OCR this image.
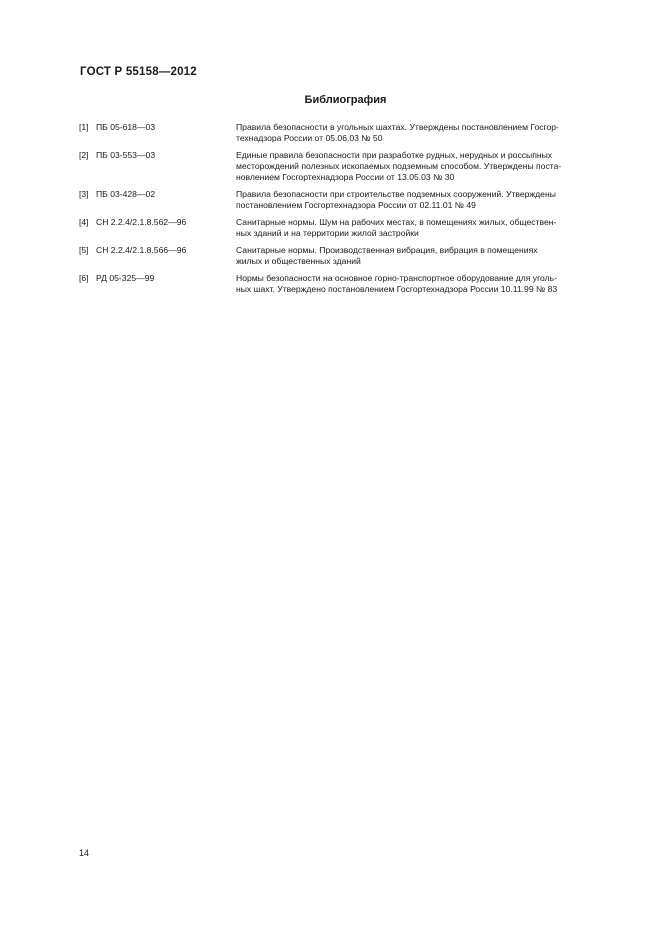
ГОСТ Р 55158—2012
Библиография
[1] ПБ 05-618—03	Правила безопасности в угольных шахтах. Утверждены постановлением Госгор-
технадзора России от 05.06.03 № 50
[2] ПБ 03-553—03	Единые правила безопасности при разработке рудных, нерудных и россыпных
месторождений полезных ископаемых подземным способом. Утверждены поста-
новлением Госгортехнадзора России от 13.05.03 № 30
[3] ПБ 03-428—02	Правила безопасности при строительстве подземных сооружений. Утверждены
постановлением Госгортехнадзора России от 02.11.01 № 49
[4] СН 2.2.4/2.1.8.562—96	Санитарные нормы. Шум на рабочих местах, в помещениях жилых, обществен-
ных зданий и на территории жилой застройки
[5] СН 2.2.4/2.1.8.566—96	Санитарные нормы. Производственная вибрация, вибрация в помещениях
жилых и общественных зданий
[6] РД 05-325—99	Нормы безопасности на основное горно-транспортное оборудование для уголь-
ных шахт. Утверждено постановлением Госгортехнадзора России 10.11.99 № 83
14
